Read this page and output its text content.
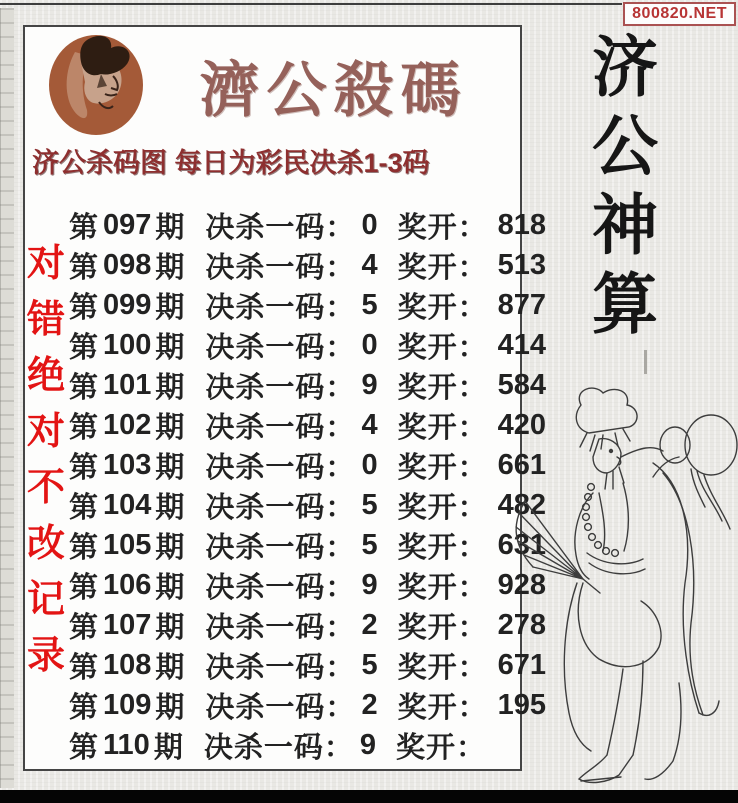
800820.NET
濟公殺碼
济公杀码图 每日为彩民决杀1-3码
对
错
绝
对
不
改
记
录
第 097 期 决杀一码： 0 奖开： 818
第 098 期 决杀一码： 4 奖开： 513
第 099 期 决杀一码： 5 奖开： 877
第 100 期 决杀一码： 0 奖开： 414
第 101 期 决杀一码： 9 奖开： 584
第 102 期 决杀一码： 4 奖开： 420
第 103 期 决杀一码： 0 奖开： 661
第 104 期 决杀一码： 5 奖开： 482
第 105 期 决杀一码： 5 奖开： 631
第 106 期 决杀一码： 9 奖开： 928
第 107 期 决杀一码： 2 奖开： 278
第 108 期 决杀一码： 5 奖开： 671
第 109 期 决杀一码： 2 奖开： 195
第 110 期 决杀一码： 9 奖开：
济
公
神
算
